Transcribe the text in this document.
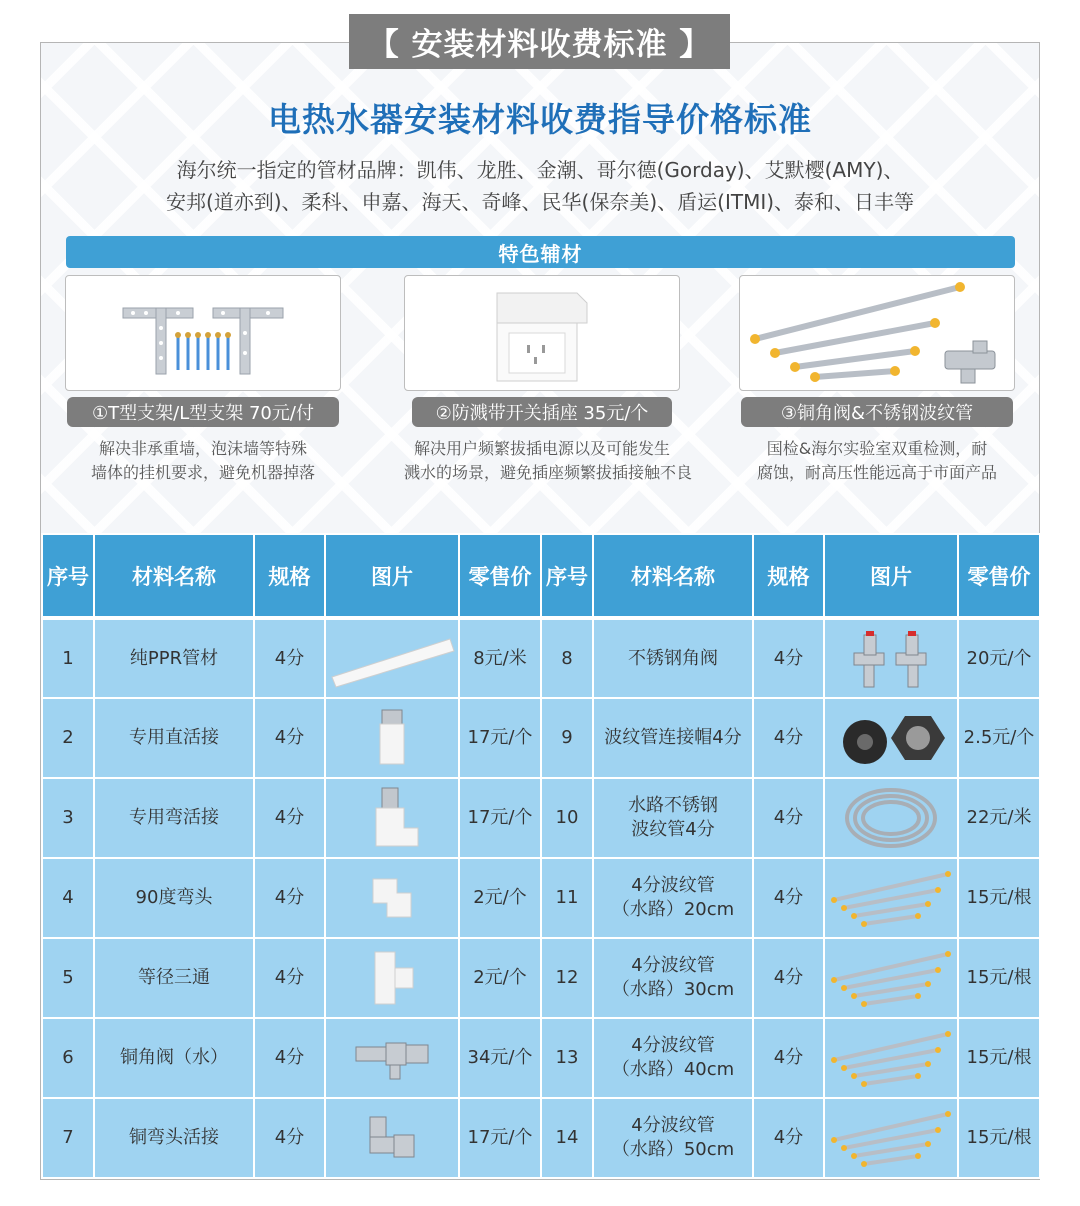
【 安装材料收费标准 】
电热水器安装材料收费指导价格标准
海尔统一指定的管材品牌：凯伟、龙胜、金潮、哥尔德(Gorday)、艾默樱(AMY)、
安邦(道亦到)、柔科、申嘉、海天、奇峰、民华(保奈美)、盾运(ITMI)、泰和、日丰等
特色辅材
①T型支架/L型支架 70元/付
解决非承重墙，泡沫墙等特殊
墙体的挂机要求，避免机器掉落
②防溅带开关插座 35元/个
解决用户频繁拔插电源以及可能发生
溅水的场景，避免插座频繁拔插接触不良
③铜角阀&不锈钢波纹管
国检&海尔实验室双重检测，耐
腐蚀，耐高压性能远高于市面产品
序号	材料名称	规格	图片	零售价	序号	材料名称	规格	图片	零售价
1	纯PPR管材	4分		8元/米	8	不锈钢角阀	4分		20元/个
2	专用直活接	4分		17元/个	9	波纹管连接帽4分	4分		2.5元/个
3	专用弯活接	4分		17元/个	10	水路不锈钢
波纹管4分	4分		22元/米
4	90度弯头	4分		2元/个	11	4分波纹管
（水路）20cm	4分		15元/根
5	等径三通	4分		2元/个	12	4分波纹管
（水路）30cm	4分		15元/根
6	铜角阀（水）	4分		34元/个	13	4分波纹管
（水路）40cm	4分		15元/根
7	铜弯头活接	4分		17元/个	14	4分波纹管
（水路）50cm	4分		15元/根
